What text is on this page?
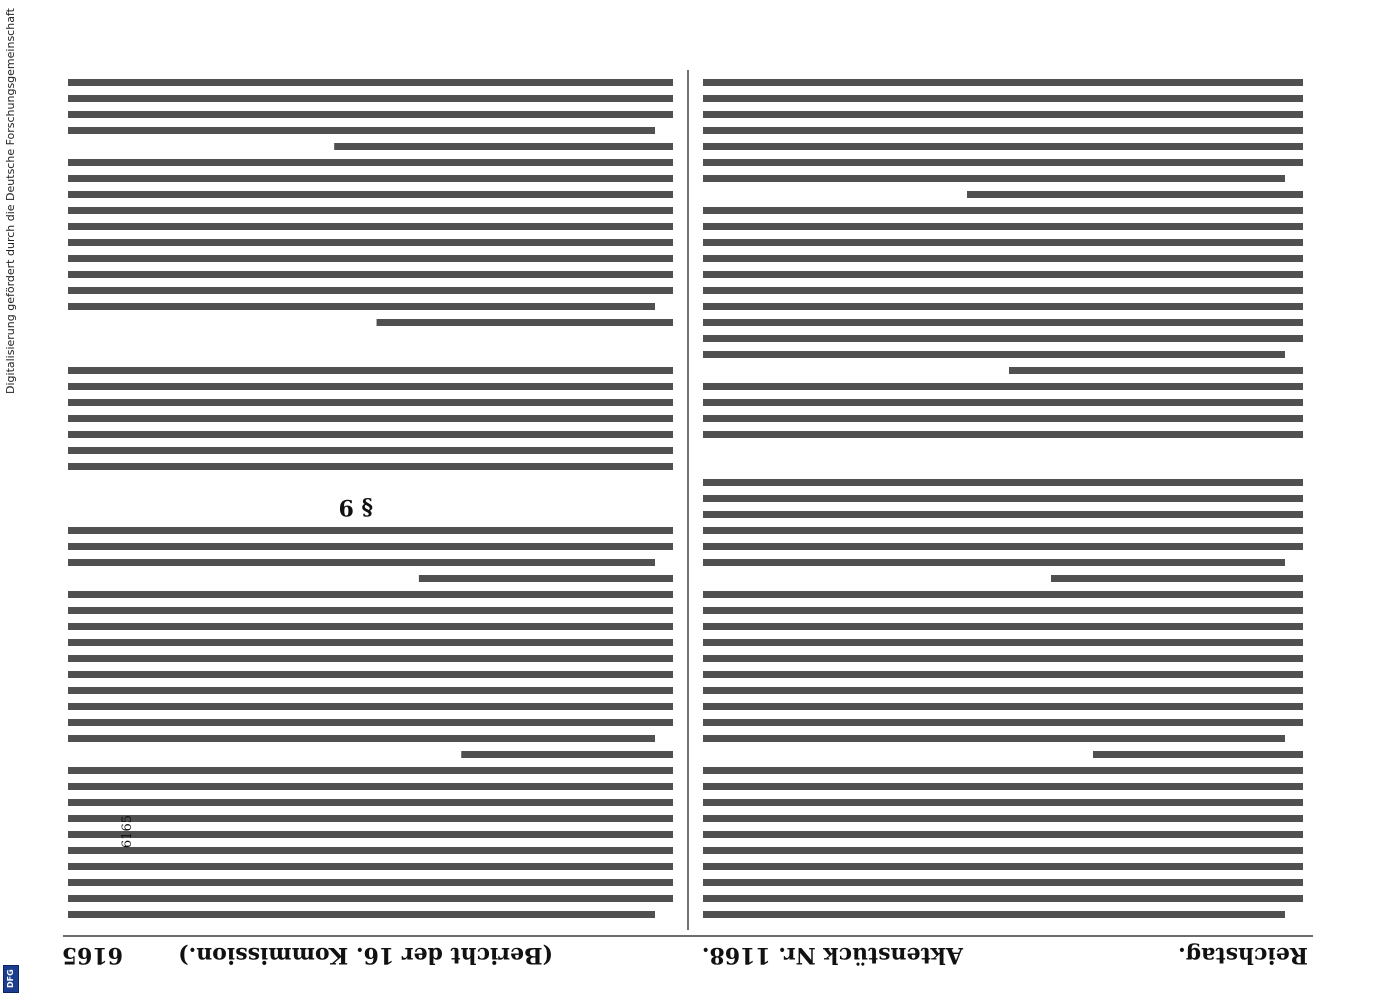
Reichstag.
Aktenstück Nr. 1168.
(Bericht der 16. Kommission.)
6165
§ 9
Digitalisierung gefördert durch die Deutsche Forschungsgemeinschaft
DFG
6165
